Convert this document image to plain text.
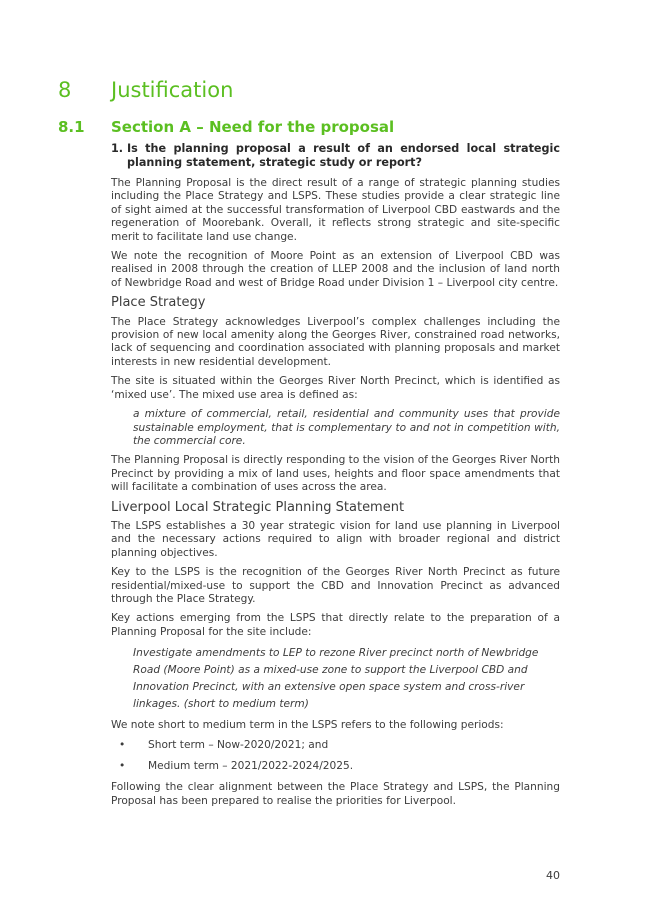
8 Justification
8.1 Section A – Need for the proposal
1. Is the planning proposal a result of an endorsed local strategic planning statement, strategic study or report?

The Planning Proposal is the direct result of a range of strategic planning studies including the Place Strategy and LSPS. These studies provide a clear strategic line of sight aimed at the successful transformation of Liverpool CBD eastwards and the regeneration of Moorebank. Overall, it reflects strong strategic and site-specific merit to facilitate land use change.

We note the recognition of Moore Point as an extension of Liverpool CBD was realised in 2008 through the creation of LLEP 2008 and the inclusion of land north of Newbridge Road and west of Bridge Road under Division 1 – Liverpool city centre.

Place Strategy

The Place Strategy acknowledges Liverpool’s complex challenges including the provision of new local amenity along the Georges River, constrained road networks, lack of sequencing and coordination associated with planning proposals and market interests in new residential development.

The site is situated within the Georges River North Precinct, which is identified as ‘mixed use’. The mixed use area is defined as:

a mixture of commercial, retail, residential and community uses that provide sustainable employment, that is complementary to and not in competition with, the commercial core.

The Planning Proposal is directly responding to the vision of the Georges River North Precinct by providing a mix of land uses, heights and floor space amendments that will facilitate a combination of uses across the area.

Liverpool Local Strategic Planning Statement

The LSPS establishes a 30 year strategic vision for land use planning in Liverpool and the necessary actions required to align with broader regional and district planning objectives.

Key to the LSPS is the recognition of the Georges River North Precinct as future residential/mixed-use to support the CBD and Innovation Precinct as advanced through the Place Strategy.

Key actions emerging from the LSPS that directly relate to the preparation of a Planning Proposal for the site include:

Investigate amendments to LEP to rezone River precinct north of Newbridge Road (Moore Point) as a mixed-use zone to support the Liverpool CBD and Innovation Precinct, with an extensive open space system and cross-river linkages. (short to medium term)

We note short to medium term in the LSPS refers to the following periods:

• Short term – Now-2020/2021; and
• Medium term – 2021/2022-2024/2025.

Following the clear alignment between the Place Strategy and LSPS, the Planning Proposal has been prepared to realise the priorities for Liverpool.

40
